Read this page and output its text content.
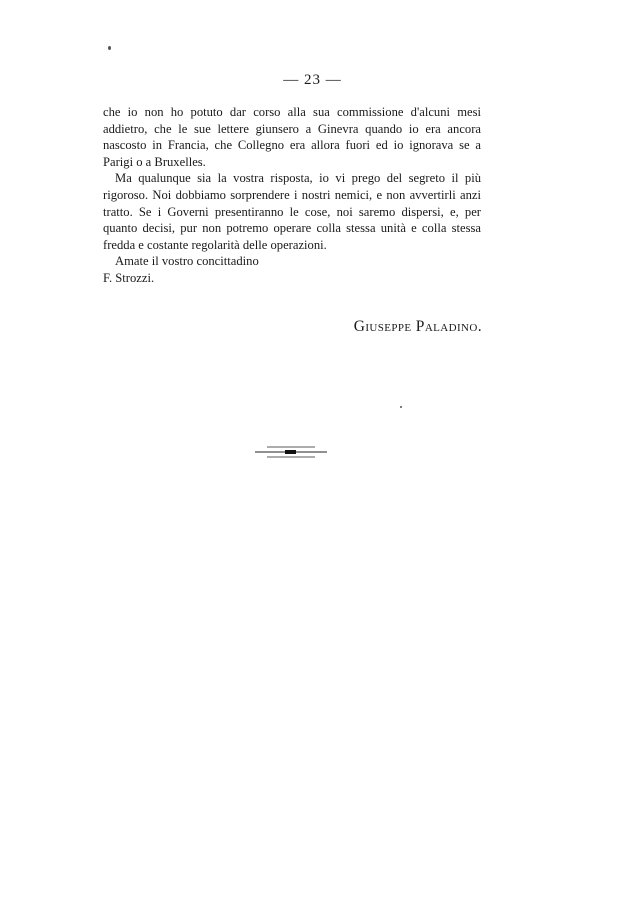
— 23 —

che io non ho potuto dar corso alla sua commissione d'alcuni mesi addietro, che le sue lettere giunsero a Ginevra quando io era ancora nascosto in Francia, che Collegno era allora fuori ed io ignorava se a Parigi o a Bruxelles.

Ma qualunque sia la vostra risposta, io vi prego del segreto il più rigoroso. Noi dobbiamo sorprendere i nostri nemici, e non avvertirli anzi tratto. Se i Governi presentiranno le cose, noi saremo dispersi, e, per quanto decisi, pur non potremo operare colla stessa unità e colla stessa fredda e costante regolarità delle operazioni.

Amate il vostro concittadino

F. Strozzi.

Giuseppe Paladino.
